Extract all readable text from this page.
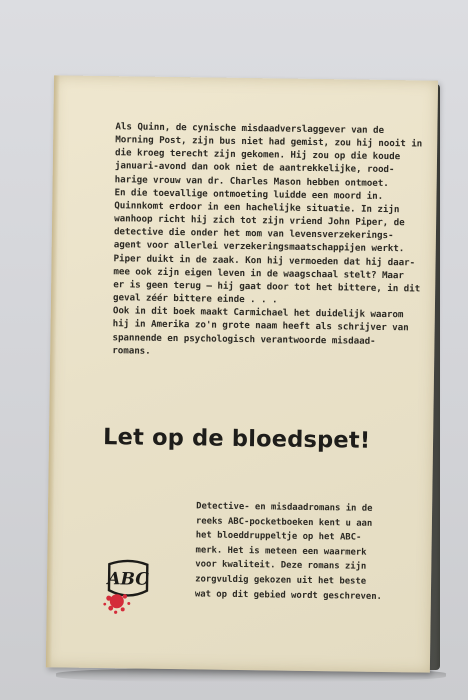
Als Quinn, de cynische misdaadverslaggever van de
Morning Post, zijn bus niet had gemist, zou hij nooit in
die kroeg terecht zijn gekomen. Hij zou op die koude
januari-avond dan ook niet de aantrekkelijke, rood-
harige vrouw van dr. Charles Mason hebben ontmoet.
En die toevallige ontmoeting luidde een moord in.
Quinnkomt erdoor in een hachelijke situatie. In zijn
wanhoop richt hij zich tot zijn vriend John Piper, de
detective die onder het mom van levensverzekerings-
agent voor allerlei verzekeringsmaatschappijen werkt.
Piper duikt in de zaak. Kon hij vermoeden dat hij daar-
mee ook zijn eigen leven in de waagschaal stelt? Maar
er is geen terug — hij gaat door tot het bittere, in dit
geval zéér bittere einde . . .
Ook in dit boek maakt Carmichael het duidelijk waarom
hij in Amerika zo'n grote naam heeft als schrijver van
spannende en psychologisch verantwoorde misdaad-
romans.
Let op de bloedspet!
Detective- en misdaadromans in de
reeks ABC-pocketboeken kent u aan
het bloeddruppeltje op het ABC-
merk. Het is meteen een waarmerk
voor kwaliteit. Deze romans zijn
zorgvuldig gekozen uit het beste
wat op dit gebied wordt geschreven.
ABC
